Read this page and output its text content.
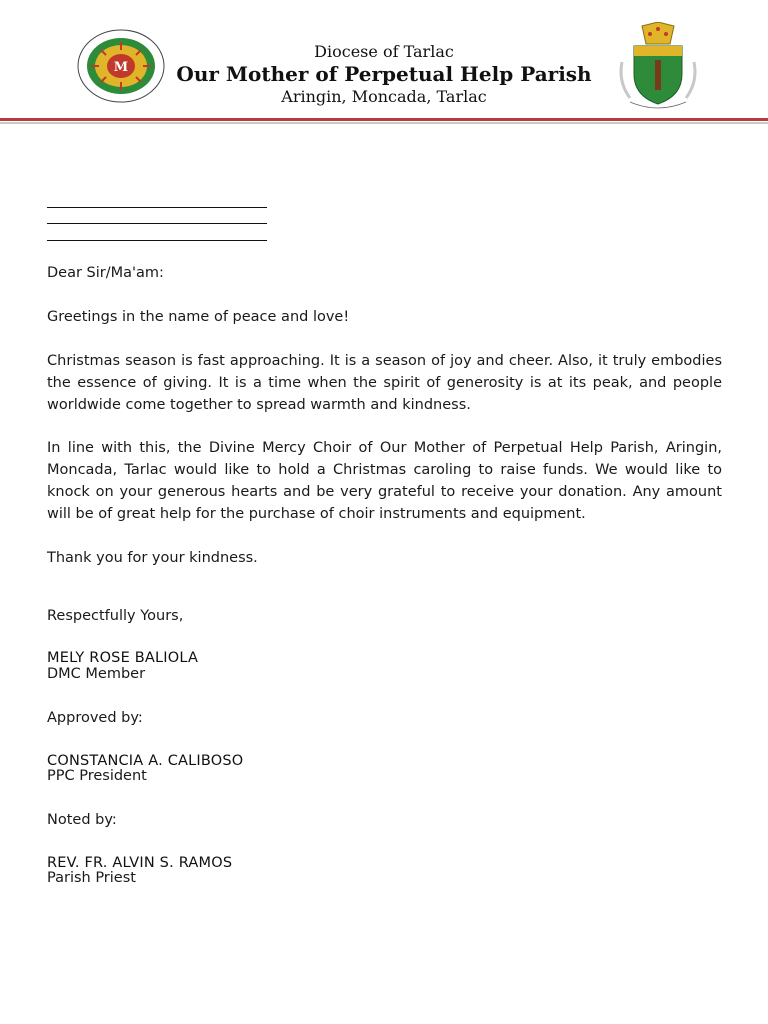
M
Diocese of Tarlac
Our Mother of Perpetual Help Parish
Aringin, Moncada, Tarlac
Dear Sir/Ma'am:
Greetings in the name of peace and love!
Christmas season is fast approaching. It is a season of joy and cheer. Also, it truly embodies the essence of giving. It is a time when the spirit of generosity is at its peak, and people worldwide come together to spread warmth and kindness.
In line with this, the Divine Mercy Choir of Our Mother of Perpetual Help Parish, Aringin, Moncada, Tarlac would like to hold a Christmas caroling to raise funds. We would like to knock on your generous hearts and be very grateful to receive your donation. Any amount will be of great help for the purchase of choir instruments and equipment.
Thank you for your kindness.
Respectfully Yours,
MELY ROSE BALIOLA
DMC Member
Approved by:
CONSTANCIA A. CALIBOSO
PPC President
Noted by:
REV. FR. ALVIN S. RAMOS
Parish Priest
